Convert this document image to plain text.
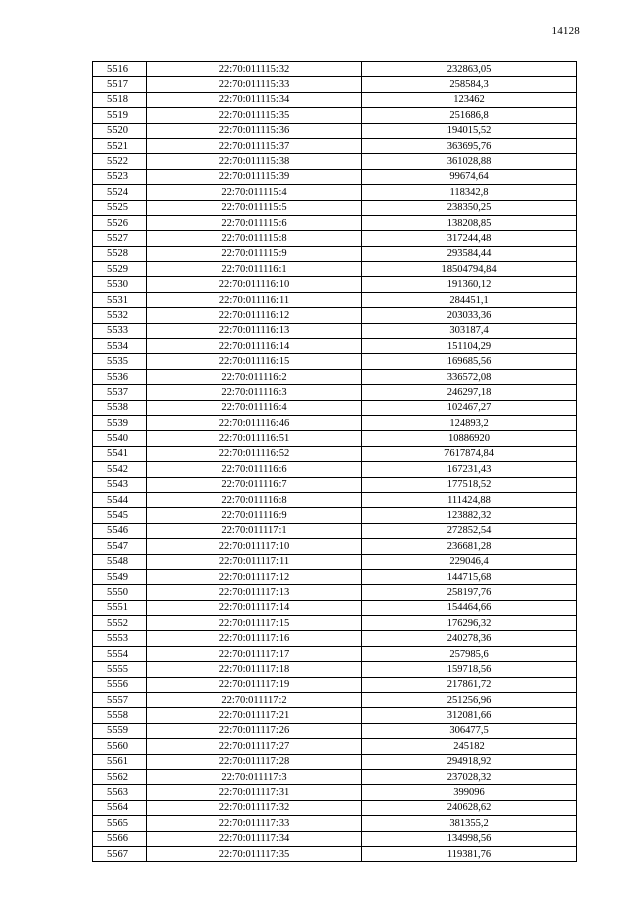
14128
5516	22:70:011115:32	232863,05
5517	22:70:011115:33	258584,3
5518	22:70:011115:34	123462
5519	22:70:011115:35	251686,8
5520	22:70:011115:36	194015,52
5521	22:70:011115:37	363695,76
5522	22:70:011115:38	361028,88
5523	22:70:011115:39	99674,64
5524	22:70:011115:4	118342,8
5525	22:70:011115:5	238350,25
5526	22:70:011115:6	138208,85
5527	22:70:011115:8	317244,48
5528	22:70:011115:9	293584,44
5529	22:70:011116:1	18504794,84
5530	22:70:011116:10	191360,12
5531	22:70:011116:11	284451,1
5532	22:70:011116:12	203033,36
5533	22:70:011116:13	303187,4
5534	22:70:011116:14	151104,29
5535	22:70:011116:15	169685,56
5536	22:70:011116:2	336572,08
5537	22:70:011116:3	246297,18
5538	22:70:011116:4	102467,27
5539	22:70:011116:46	124893,2
5540	22:70:011116:51	10886920
5541	22:70:011116:52	7617874,84
5542	22:70:011116:6	167231,43
5543	22:70:011116:7	177518,52
5544	22:70:011116:8	111424,88
5545	22:70:011116:9	123882,32
5546	22:70:011117:1	272852,54
5547	22:70:011117:10	236681,28
5548	22:70:011117:11	229046,4
5549	22:70:011117:12	144715,68
5550	22:70:011117:13	258197,76
5551	22:70:011117:14	154464,66
5552	22:70:011117:15	176296,32
5553	22:70:011117:16	240278,36
5554	22:70:011117:17	257985,6
5555	22:70:011117:18	159718,56
5556	22:70:011117:19	217861,72
5557	22:70:011117:2	251256,96
5558	22:70:011117:21	312081,66
5559	22:70:011117:26	306477,5
5560	22:70:011117:27	245182
5561	22:70:011117:28	294918,92
5562	22:70:011117:3	237028,32
5563	22:70:011117:31	399096
5564	22:70:011117:32	240628,62
5565	22:70:011117:33	381355,2
5566	22:70:011117:34	134998,56
5567	22:70:011117:35	119381,76
